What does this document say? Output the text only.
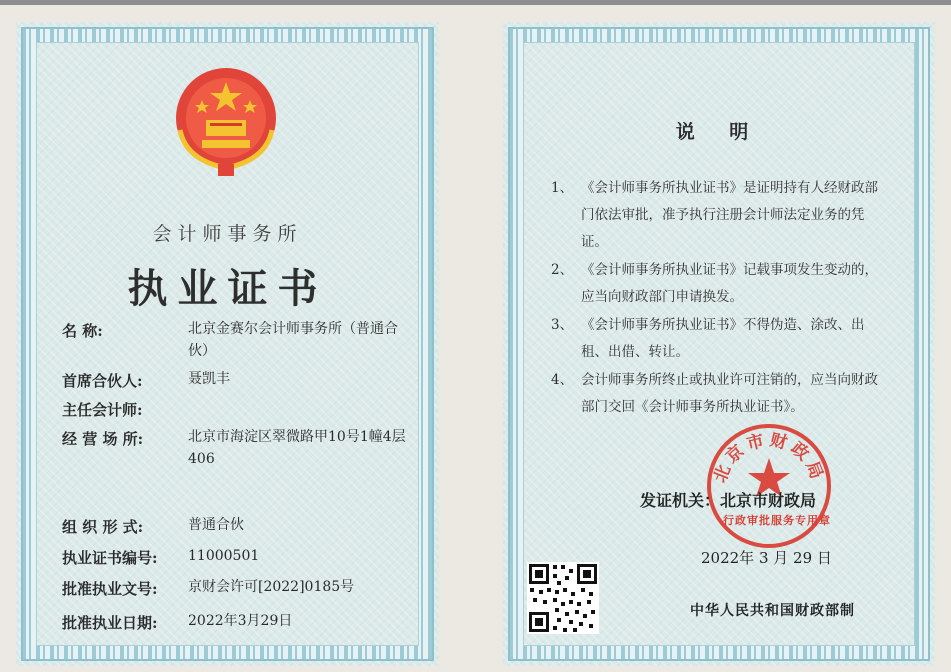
会计师事务所
执业证书
名 称:	北京金赛尔会计师事务所（普通合伙）
首席合伙人:	聂凯丰
主任会计师:
经 营 场 所:	北京市海淀区翠微路甲10号1幢4层406
组 织 形 式:	普通合伙
执业证书编号: 11000501
批准执业文号: 京财会许可[2022]0185号
批准执业日期: 2022年3月29日
说 明
1、 《会计师事务所执业证书》是证明持有人经财政部门依法审批，准予执行注册会计师法定业务的凭证。
2、 《会计师事务所执业证书》记载事项发生变动的，应当向财政部门申请换发。
3、 《会计师事务所执业证书》不得伪造、涂改、出租、出借、转让。
4、 会计师事务所终止或执业许可注销的，应当向财政部门交回《会计师事务所执业证书》。
北京市财政局
行政审批服务专用章
发证机关：北京市财政局
2022年 3 月 29 日
中华人民共和国财政部制
